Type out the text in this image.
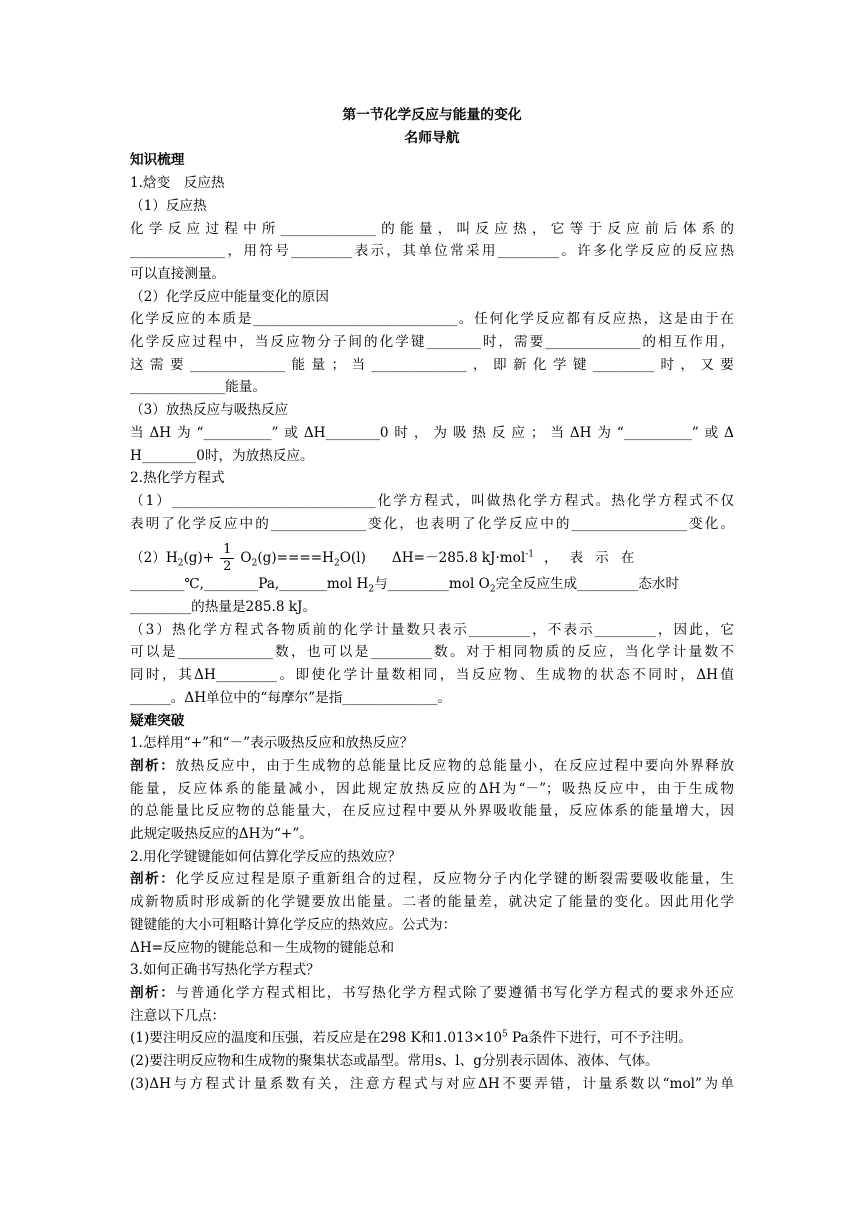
第一节化学反应与能量的变化
名师导航
知识梳理
1.焓变　反应热
（1）反应热
化学反应过程中所______________的能量，叫反应热，它等于反应前后体系的
______________，用符号_________表示，其单位常采用_________。许多化学反应的反应热
可以直接测量。
（2）化学反应中能量变化的原因
化学反应的本质是______________________________。任何化学反应都有反应热，这是由于在
化学反应过程中，当反应物分子间的化学键________时，需要______________的相互作用，
这需要______________能量；当______________，即新化学键_________时，又要
______________能量。
（3）放热反应与吸热反应
当ΔH为“__________”或ΔH________0时，为吸热反应；当ΔH为“__________”或Δ
H________0时，为放热反应。
2.热化学方程式
（1）______________________________化学方程式，叫做热化学方程式。热化学方程式不仅
表明了化学反应中的______________变化，也表明了化学反应中的_________________变化。
$(2)H_2(g)+ \frac{1}{2} O_2(g)====H_2O(l)$ ΔH=－285.8 kJ·mol$^{-1}$ ，表示在
________℃,________Pa,_______mol $H_2$与_________mol $O_2$完全反应生成_________态水时
_________的热量是285.8 kJ。
（3）热化学方程式各物质前的化学计量数只表示_________，不表示_________，因此，它
可以是______________数，也可以是_________数。对于相同物质的反应，当化学计量数不
同时，其ΔH_________。即使化学计量数相同，当反应物、生成物的状态不同时，ΔH值
______。ΔH单位中的“每摩尔”是指______________。
疑难突破
1.怎样用“+”和“－”表示吸热反应和放热反应？
剖析：放热反应中，由于生成物的总能量比反应物的总能量小，在反应过程中要向外界释放
能量，反应体系的能量减小，因此规定放热反应的ΔH为“－”；吸热反应中，由于生成物
的总能量比反应物的总能量大，在反应过程中要从外界吸收能量，反应体系的能量增大，因
此规定吸热反应的ΔH为“+”。
2.用化学键键能如何估算化学反应的热效应？
剖析：化学反应过程是原子重新组合的过程，反应物分子内化学键的断裂需要吸收能量，生
成新物质时形成新的化学键要放出能量。二者的能量差，就决定了能量的变化。因此用化学
键键能的大小可粗略计算化学反应的热效应。公式为：
ΔH=反应物的键能总和－生成物的键能总和
3.如何正确书写热化学方程式？
剖析：与普通化学方程式相比，书写热化学方程式除了要遵循书写化学方程式的要求外还应
注意以下几点：
(1)要注明反应的温度和压强，若反应是在298 K和$1.013\times 10^5$ Pa条件下进行，可不予注明。
(2)要注明反应物和生成物的聚集状态或晶型。常用s、l、g分别表示固体、液体、气体。
(3)ΔH与方程式计量系数有关，注意方程式与对应ΔH不要弄错，计量系数以“mol”为单
